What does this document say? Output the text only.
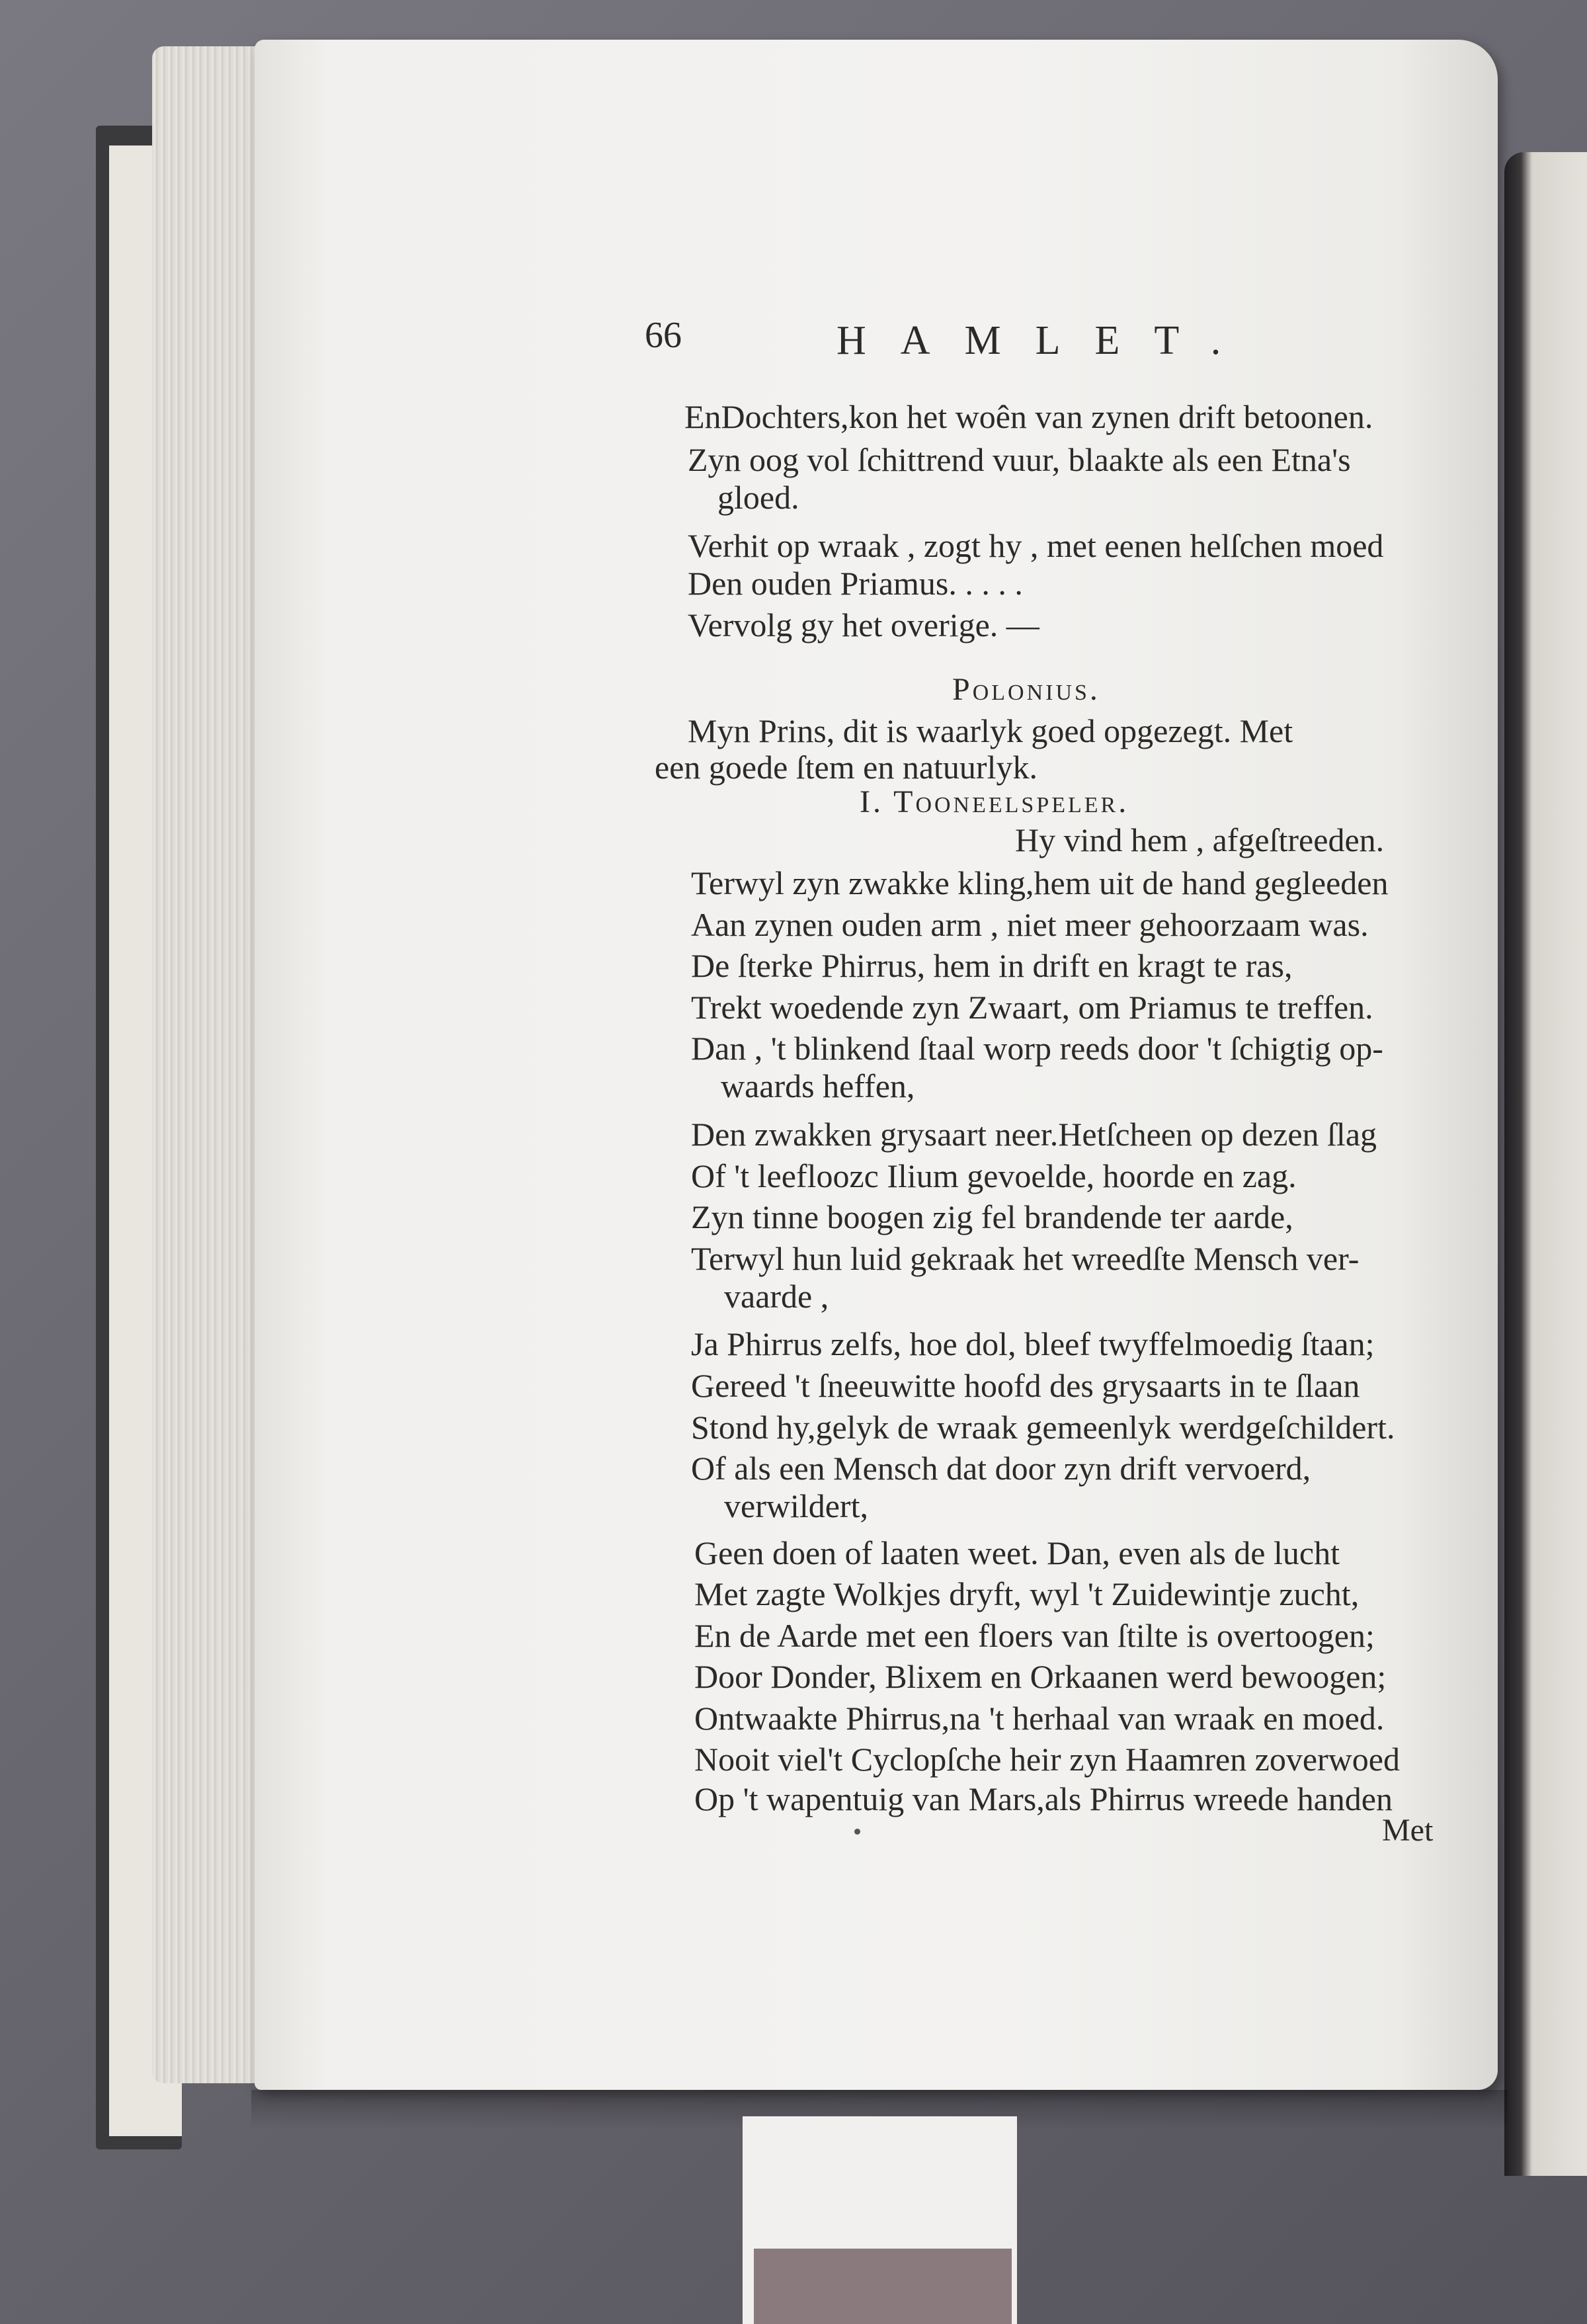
66	HAMLET.
EnDochters,kon het woên van zynen drift betoonen.
Zyn oog vol ſchittrend vuur, blaakte als een Etna's
gloed.
Verhit op wraak , zogt hy , met eenen helſchen moed
Den ouden Priamus. . . . .
Vervolg gy het overige. —
Polonius.
Myn Prins, dit is waarlyk goed opgezegt. Met
een goede ſtem en natuurlyk.
I. Tooneelspeler.
Hy vind hem , afgeſtreeden.
Terwyl zyn zwakke kling,hem uit de hand gegleeden
Aan zynen ouden arm , niet meer gehoorzaam was.
De ſterke Phirrus, hem in drift en kragt te ras,
Trekt woedende zyn Zwaart, om Priamus te treffen.
Dan , 't blinkend ſtaal worp reeds door 't ſchigtig op-
waards heffen,
Den zwakken grysaart neer.Hetſcheen op dezen ſlag
Of 't leefloozc Ilium gevoelde, hoorde en zag.
Zyn tinne boogen zig fel brandende ter aarde,
Terwyl hun luid gekraak het wreedſte Mensch ver-
vaarde ,
Ja Phirrus zelfs, hoe dol, bleef twyffelmoedig ſtaan;
Gereed 't ſneeuwitte hoofd des grysaarts in te ſlaan
Stond hy,gelyk de wraak gemeenlyk werdgeſchildert.
Of als een Mensch dat door zyn drift vervoerd,
verwildert,
Geen doen of laaten weet. Dan, even als de lucht
Met zagte Wolkjes dryft, wyl 't Zuidewintje zucht,
En de Aarde met een floers van ſtilte is overtoogen;
Door Donder, Blixem en Orkaanen werd bewoogen;
Ontwaakte Phirrus,na 't herhaal van wraak en moed.
Nooit viel't Cyclopſche heir zyn Haamren zoverwoed
Op 't wapentuig van Mars,als Phirrus wreede handen
Met
